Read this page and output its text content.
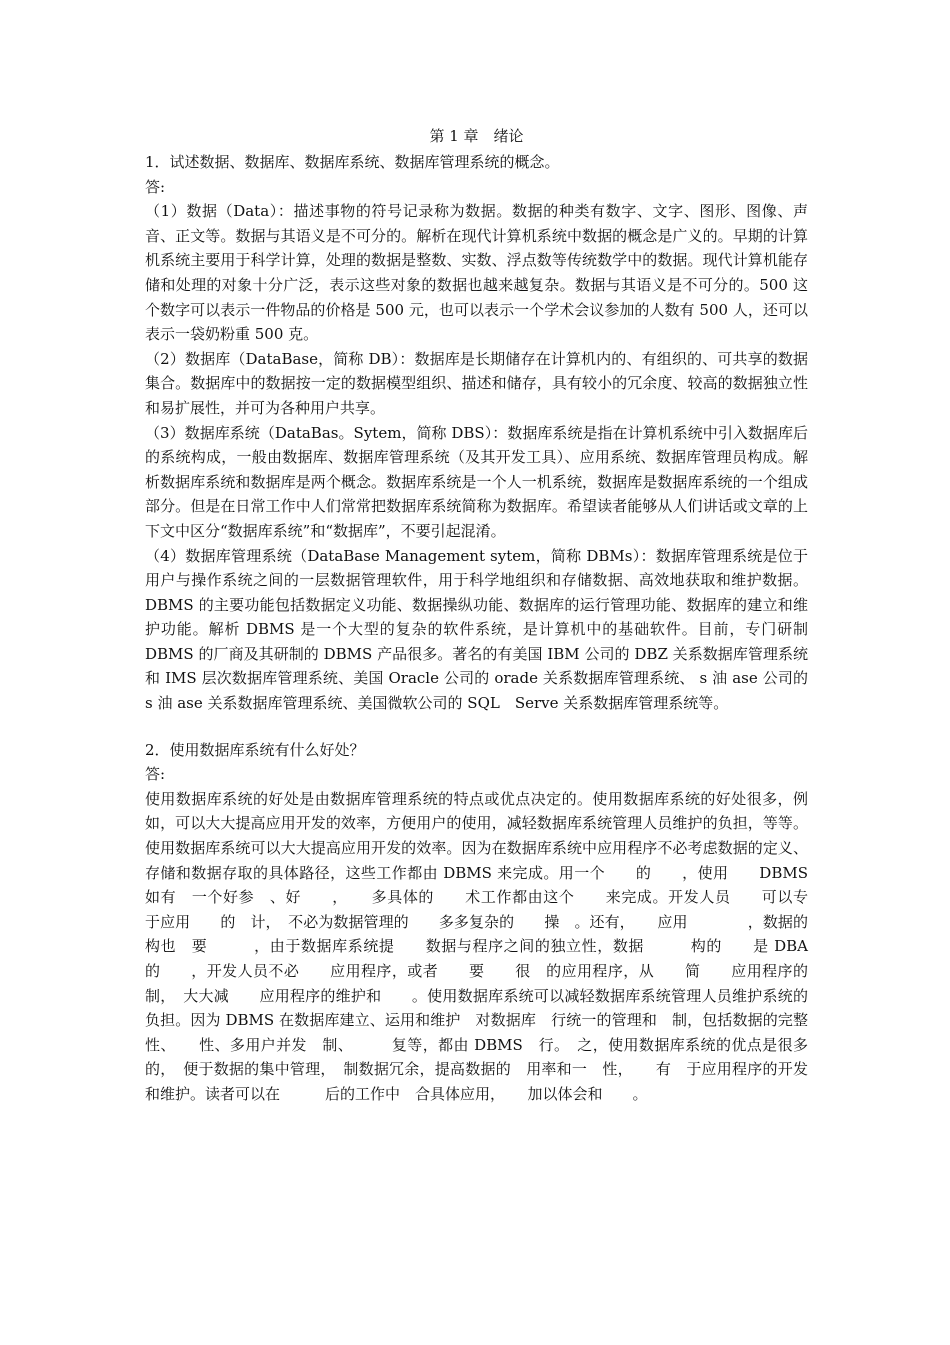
第 1 章　绪论

1．试述数据、数据库、数据库系统、数据库管理系统的概念。

答:

（1）数据（Data）：描述事物的符号记录称为数据。数据的种类有数字、文字、图形、图像、声音、正文等。数据与其语义是不可分的。解析在现代计算机系统中数据的概念是广义的。早期的计算机系统主要用于科学计算，处理的数据是整数、实数、浮点数等传统数学中的数据。现代计算机能存储和处理的对象十分广泛，表示这些对象的数据也越来越复杂。数据与其语义是不可分的。500 这个数字可以表示一件物品的价格是 500 元，也可以表示一个学术会议参加的人数有 500 人，还可以表示一袋奶粉重 500 克。

（2）数据库（DataBase，简称 DB）：数据库是长期储存在计算机内的、有组织的、可共享的数据集合。数据库中的数据按一定的数据模型组织、描述和储存，具有较小的冗余度、较高的数据独立性和易扩展性，并可为各种用户共享。

（3）数据库系统（DataBas。Sytem，简称 DBS）：数据库系统是指在计算机系统中引入数据库后的系统构成，一般由数据库、数据库管理系统（及其开发工具）、应用系统、数据库管理员构成。解析数据库系统和数据库是两个概念。数据库系统是一个人一机系统，数据库是数据库系统的一个组成部分。但是在日常工作中人们常常把数据库系统简称为数据库。希望读者能够从人们讲话或文章的上下文中区分“数据库系统”和“数据库”，不要引起混淆。

（4）数据库管理系统（DataBase Management sytem，简称 DBMs）：数据库管理系统是位于用户与操作系统之间的一层数据管理软件，用于科学地组织和存储数据、高效地获取和维护数据。DBMS 的主要功能包括数据定义功能、数据操纵功能、数据库的运行管理功能、数据库的建立和维护功能。解析 DBMS 是一个大型的复杂的软件系统，是计算机中的基础软件。目前，专门研制 DBMS 的厂商及其研制的 DBMS 产品很多。著名的有美国 IBM 公司的 DBZ 关系数据库管理系统和 IMS 层次数据库管理系统、美国 Oracle 公司的 orade 关系数据库管理系统、 s 油 ase 公司的 s 油 ase 关系数据库管理系统、美国微软公司的 SQL　Serve 关系数据库管理系统等。

2．使用数据库系统有什么好处？

答:

使用数据库系统的好处是由数据库管理系统的特点或优点决定的。使用数据库系统的好处很多，例如，可以大大提高应用开发的效率，方便用户的使用，减轻数据库系统管理人员维护的负担，等等。使用数据库系统可以大大提高应用开发的效率。因为在数据库系统中应用程序不必考虑数据的定义、存储和数据存取的具体路径，这些工作都由 DBMS 来完成。用一个　　的　　，使用　　DBMS　　如有　一个好参　、好　　，　　多具体的　　术工作都由这个　　来完成。开发人员　　可以专　于应用　　的　计，　不必为数据管理的　　多多复杂的　　操　。还有，　　应用　　　　，数据的　　　构也　要　　　，由于数据库系统提　　数据与程序之间的独立性，数据　　　构的　　是 DBA 的　　，开发人员不必　　应用程序，或者　　要　　很　的应用程序，从　　简　　应用程序的　制，　大大减　　应用程序的维护和　　。使用数据库系统可以减轻数据库系统管理人员维护系统的负担。因为 DBMS 在数据库建立、运用和维护　对数据库　行统一的管理和　制，包括数据的完整性、　　性、多用户并发　制、　　　复等，都由 DBMS　行。　之，使用数据库系统的优点是很多的，　便于数据的集中管理，　制数据冗余，提高数据的　用率和一　性，　　有　于应用程序的开发和维护。读者可以在　　　后的工作中　合具体应用，　　加以体会和　　。
